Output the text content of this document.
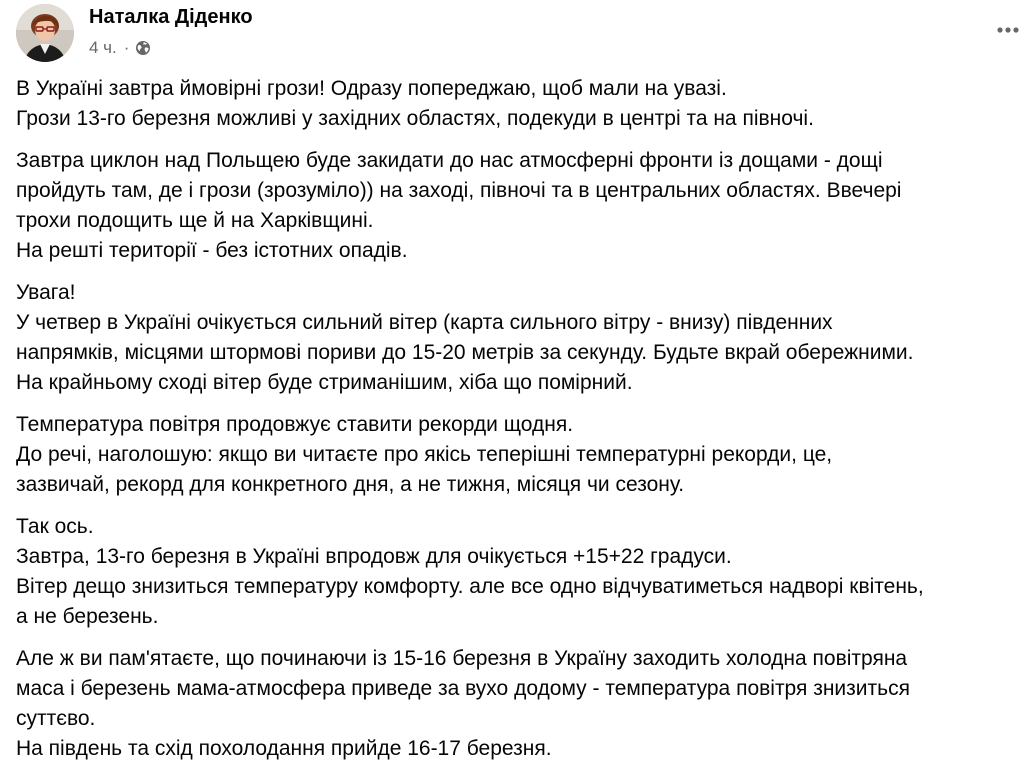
Наталка Діденко
4 ч. ·
В Україні завтра ймовірні грози! Одразу попереджаю, щоб мали на увазі.
Грози 13-го березня можливі у західних областях, подекуди в центрі та на півночі.
Завтра циклон над Польщею буде закидати до нас атмосферні фронти із дощами - дощі
пройдуть там, де і грози (зрозуміло)) на заході, півночі та в центральних областях. Ввечері
трохи подощить ще й на Харківщині.
На решті території - без істотних опадів.
Увага!
У четвер в Україні очікується сильний вітер (карта сильного вітру - внизу) південних
напрямків, місцями штормові пориви до 15-20 метрів за секунду. Будьте вкрай обережними.
На крайньому сході вітер буде стриманішим, хіба що помірний.
Температура повітря продовжує ставити рекорди щодня.
До речі, наголошую: якщо ви читаєте про якісь теперішні температурні рекорди, це,
зазвичай, рекорд для конкретного дня, а не тижня, місяця чи сезону.
Так ось.
Завтра, 13-го березня в Україні впродовж для очікується +15+22 градуси.
Вітер дещо знизиться температуру комфорту. але все одно відчуватиметься надворі квітень,
а не березень.
Але ж ви пам'ятаєте, що починаючи із 15-16 березня в Україну заходить холодна повітряна
маса і березень мама-атмосфера приведе за вухо додому - температура повітря знизиться
суттєво.
На південь та схід похолодання прийде 16-17 березня.
